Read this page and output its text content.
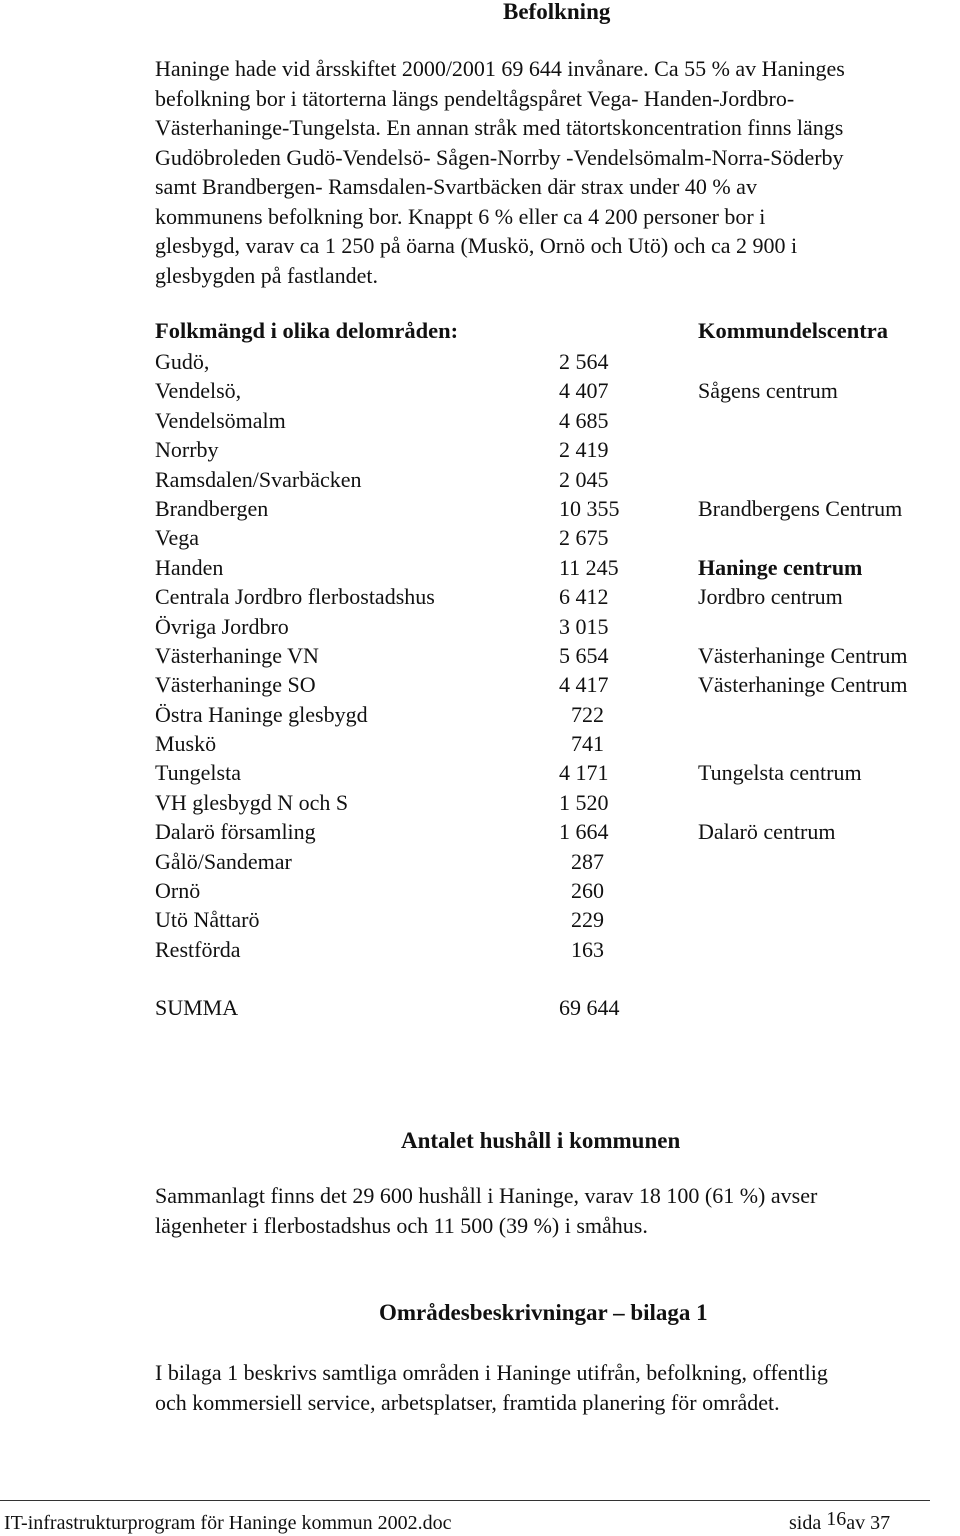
Befolkning
Haninge hade vid årsskiftet 2000/2001 69 644 invånare. Ca 55 % av Haninges
befolkning bor i tätorterna längs pendeltågspåret Vega- Handen-Jordbro-
Västerhaninge-Tungelsta. En annan stråk med tätortskoncentration finns längs
Gudöbroleden Gudö-Vendelsö- Sågen-Norrby -Vendelsömalm-Norra-Söderby
samt Brandbergen- Ramsdalen-Svartbäcken där strax under 40 % av
kommunens befolkning bor. Knappt 6 % eller ca 4 200 personer bor i
glesbygd, varav ca 1 250 på öarna (Muskö, Ornö och Utö) och ca 2 900 i
glesbygden på fastlandet.
Folkmängd i olika delområden:	Kommundelscentra
Gudö,	2 564
Vendelsö,	4 407	Sågens centrum
Vendelsömalm	4 685
Norrby	2 419
Ramsdalen/Svarbäcken	2 045
Brandbergen	10 355	Brandbergens Centrum
Vega	2 675
Handen	11 245	Haninge centrum
Centrala Jordbro flerbostadshus	6 412	Jordbro centrum
Övriga Jordbro	3 015
Västerhaninge VN	5 654	Västerhaninge Centrum
Västerhaninge SO	4 417	Västerhaninge Centrum
Östra Haninge glesbygd	722
Muskö	741
Tungelsta	4 171	Tungelsta centrum
VH glesbygd N och S	1 520
Dalarö församling	1 664	Dalarö centrum
Gålö/Sandemar	287
Ornö	260
Utö Nåttarö	229
Restförda	163
SUMMA	69 644
Antalet hushåll i kommunen
Sammanlagt finns det 29 600 hushåll i Haninge, varav 18 100 (61 %) avser
lägenheter i flerbostadshus och 11 500 (39 %) i småhus.
Områdesbeskrivningar – bilaga 1
I bilaga 1 beskrivs samtliga områden i Haninge utifrån, befolkning, offentlig
och kommersiell service, arbetsplatser, framtida planering för området.
IT-infrastrukturprogram för Haninge kommun 2002.doc	sida 16av 37
